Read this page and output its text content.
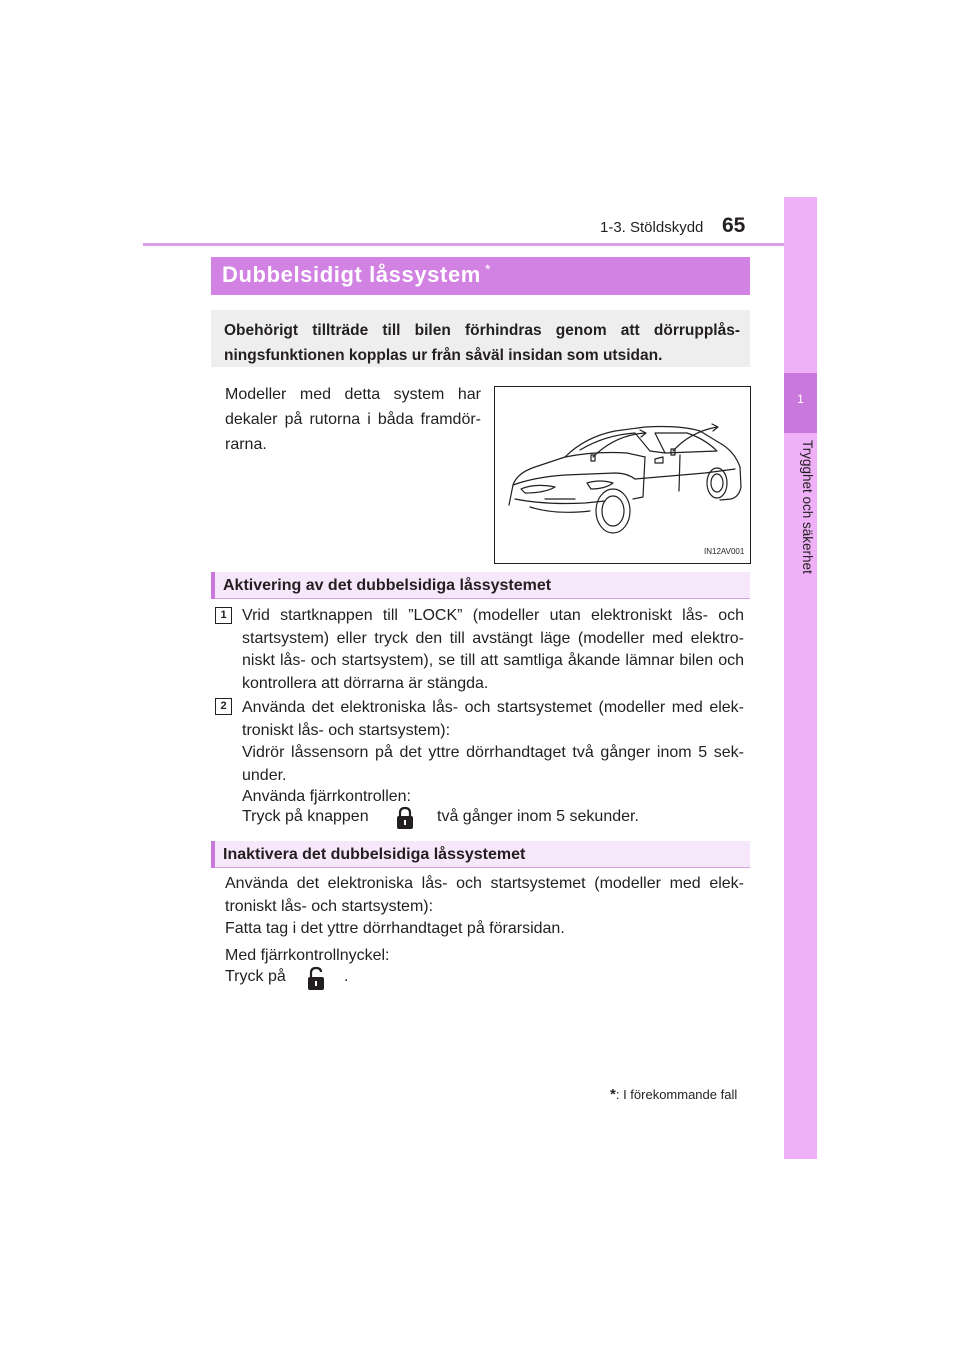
1-3. Stöldskydd 65
1
Trygghet och säkerhet
Dubbelsidigt låssystem *
Obehörigt tillträde till bilen förhindras genom att dörrupplås-ningsfunktionen kopplas ur från såväl insidan som utsidan.
Modeller med detta system har dekaler på rutorna i båda framdör-rarna.
IN12AV001
Aktivering av det dubbelsidiga låssystemet
1 Vrid startknappen till ”LOCK” (modeller utan elektroniskt lås- och startsystem) eller tryck den till avstängt läge (modeller med elektro-niskt lås- och startsystem), se till att samtliga åkande lämnar bilen och kontrollera att dörrarna är stängda.
2 Använda det elektroniska lås- och startsystemet (modeller med elek-troniskt lås- och startsystem):
Vidrör låssensorn på det yttre dörrhandtaget två gånger inom 5 sek-under.
Använda fjärrkontrollen:
Tryck på knappen	två gånger inom 5 sekunder.
Inaktivera det dubbelsidiga låssystemet
Använda det elektroniska lås- och startsystemet (modeller med elek-troniskt lås- och startsystem):
Fatta tag i det yttre dörrhandtaget på förarsidan.
Med fjärrkontrollnyckel:
Tryck på	.
*: I förekommande fall
